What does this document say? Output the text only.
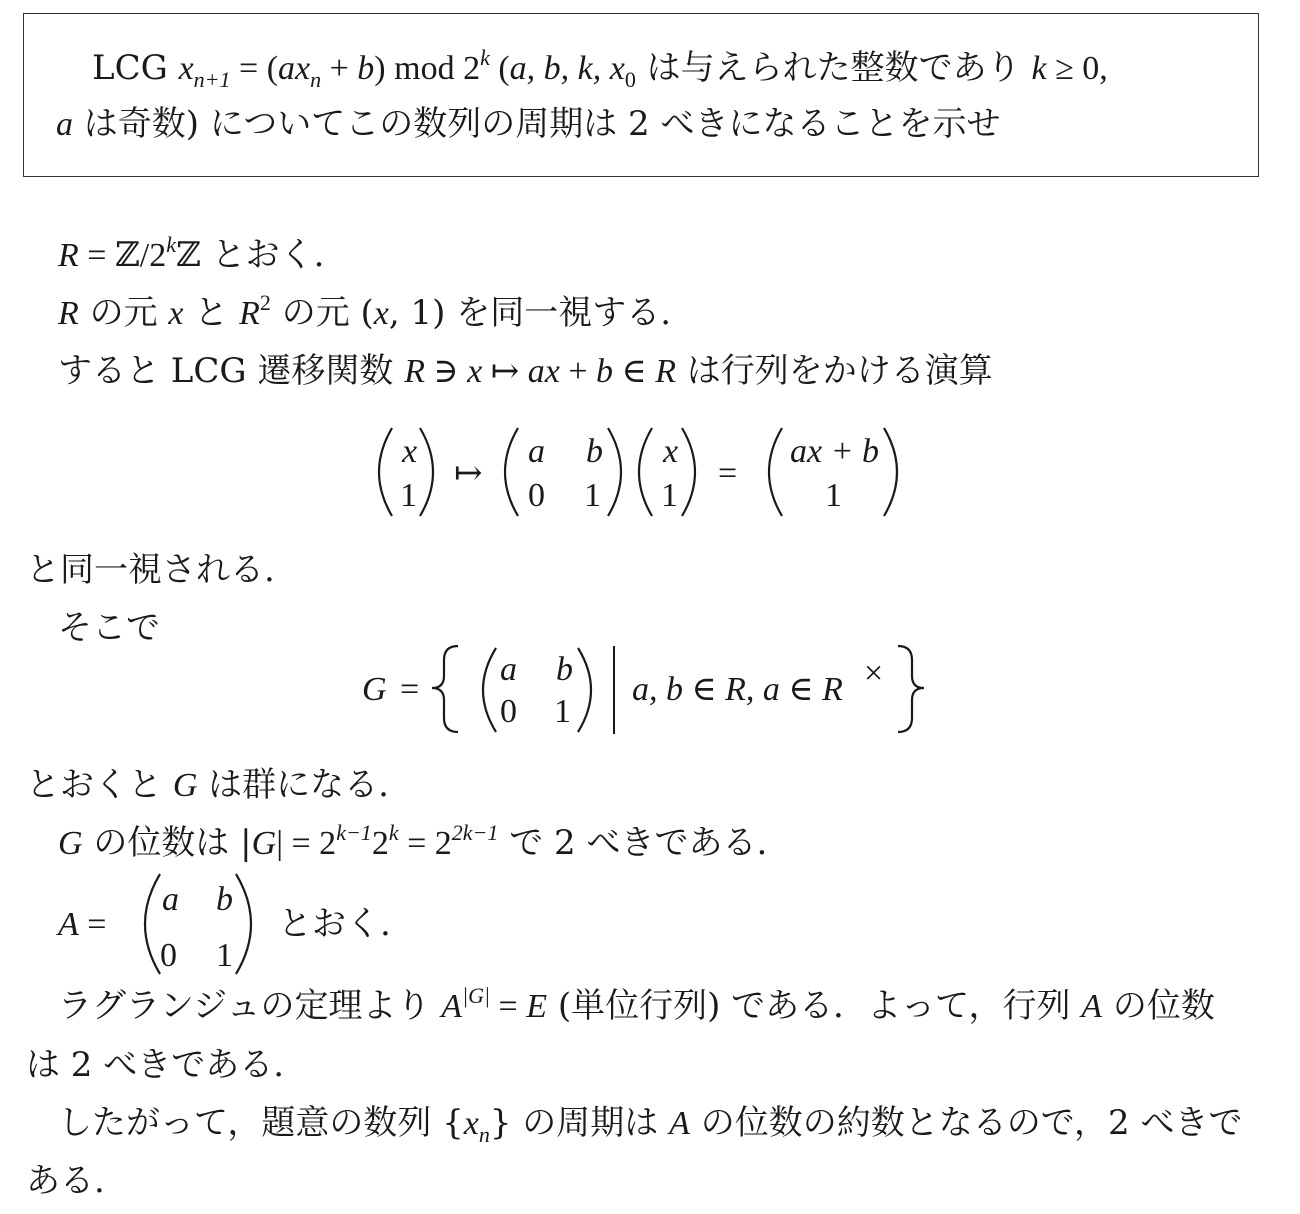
LCG $x_{n+1} = (ax_n + b)$ mod 2$^k$ (a, b, k, $x_0$ は与えられた整数であり k ≥ 0,
a は奇数) についてこの数列の周期は 2 べきになることを示せ
$R = ℤ/2^kℤ$ とおく.
R の元 x と $R^2$ の元 (x, 1) を同一視する.
すると LCG 遷移関数 R ∋ x ↦ ax + b ∈ R は行列をかける演算
x
1
↦
a b
0 1
x
1
=
ax + b
1
と同一視される.
そこで
G =
a b
0 1
a, b ∈ R, a ∈ R ×
とおくと G は群になる.
G の位数は $|G| = 2^{k-1}2^k = 2^{2k-1}$ で 2 べきである.
A =
a b
0 1
とおく.
ラグランジュの定理より $A^{|G|} = E$ (単位行列) である．よって，行列 A の位数
は 2 べきである.
したがって，題意の数列 $\{x_n\}$ の周期は A の位数の約数となるので，2 べきで
ある.
